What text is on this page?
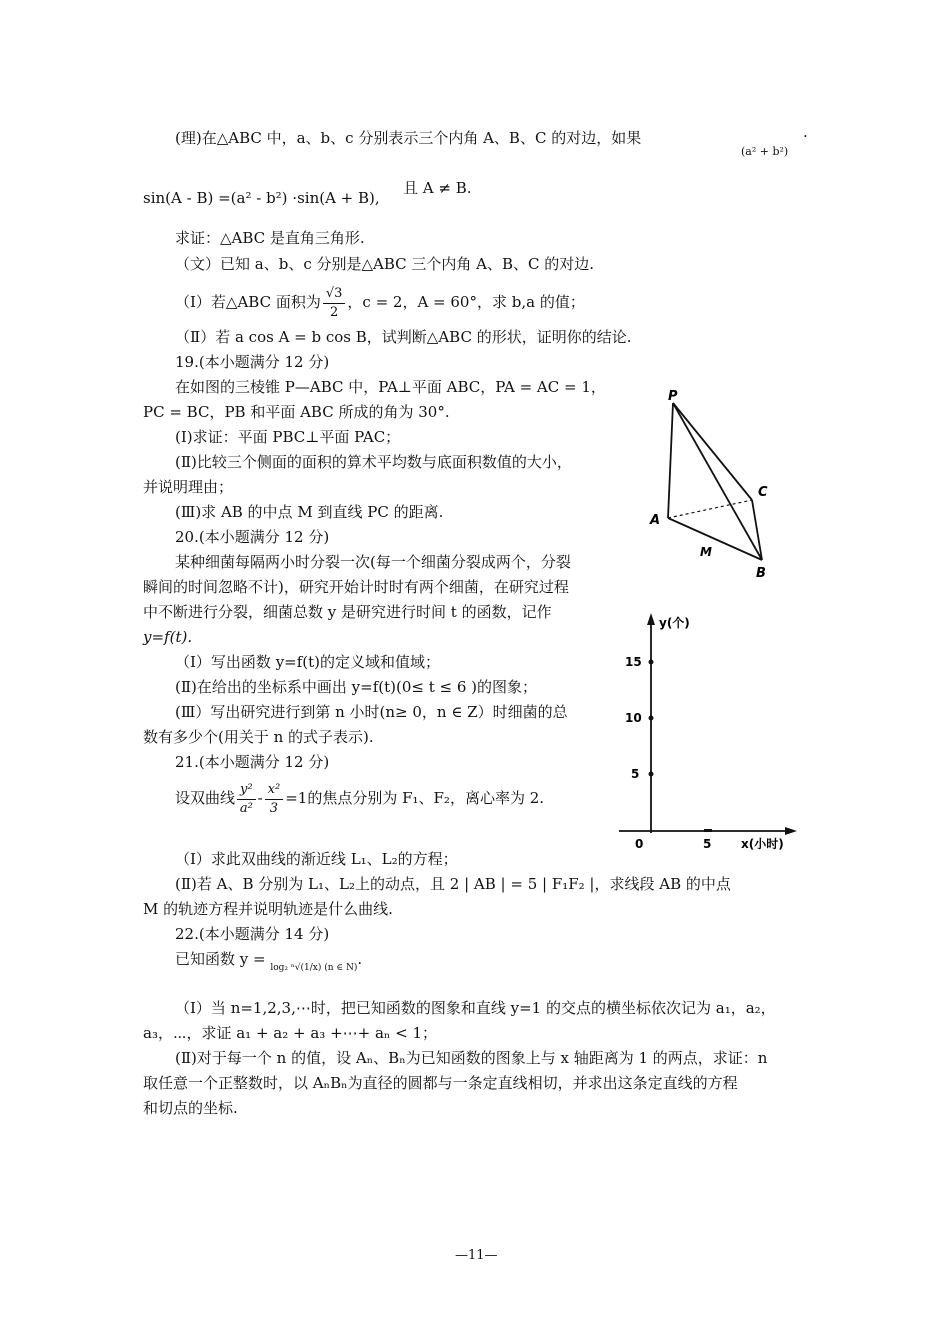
(理)在△ABC 中，a、b、c 分别表示三个内角 A、B、C 的对边，如果
(a² + b²)
·
sin(A - B) =(a² - b²) ·sin(A + B),
且 A ≠ B.
求证：△ABC 是直角三角形.
（文）已知 a、b、c 分别是△ABC 三个内角 A、B、C 的对边.
（Ⅰ）若△ABC 面积为 $\frac{√3}{2}$ ，c = 2，A = 60°，求 b,a 的值；
（Ⅱ）若 a cos A = b cos B，试判断△ABC 的形状，证明你的结论.
19.(本小题满分 12 分)
在如图的三棱锥 P—ABC 中，PA⊥平面 ABC，PA = AC = 1，
PC = BC，PB 和平面 ABC 所成的角为 30°.
(Ⅰ)求证：平面 PBC⊥平面 PAC；
(Ⅱ)比较三个侧面的面积的算术平均数与底面积数值的大小，
并说明理由；
(Ⅲ)求 AB 的中点 M 到直线 PC 的距离.
P
A
C
B
M
20.(本小题满分 12 分)
某种细菌每隔两小时分裂一次(每一个细菌分裂成两个，分裂
瞬间的时间忽略不计)，研究开始计时时有两个细菌，在研究过程
中不断进行分裂，细菌总数 y 是研究进行时间 t 的函数，记作
y=f(t).
（Ⅰ）写出函数 y=f(t)的定义域和值域；
(Ⅱ)在给出的坐标系中画出 y=f(t)(0≤ t ≤ 6 )的图象；
(Ⅲ）写出研究进行到第 n 小时(n≥ 0，n ∈ Z）时细菌的总
数有多少个(用关于 n 的式子表示).
y(个)
15
10
5
0	5 x(小时)
21.(本小题满分 12 分)
设双曲线 $\frac{\text{y²}}{\text{a²}} - \frac{\text{x²}}{3} =1$的焦点分别为 F₁、F₂，离心率为 2.
（Ⅰ）求此双曲线的渐近线 L₁、L₂的方程；
(Ⅱ)若 A、B 分别为 L₁、L₂上的动点，且 2 | AB | = 5 | F₁F₂ |，求线段 AB 的中点
M 的轨迹方程并说明轨迹是什么曲线.
22.(本小题满分 14 分)
已知函数 y = $_{log_2 ^n√(1/x) (n \in N)}$.
（Ⅰ）当 n=1,2,3,⋯时，把已知函数的图象和直线 y=1 的交点的横坐标依次记为 a₁，a₂，
a₃，⋯，求证 a₁ + a₂ + a₃ +⋯+ aₙ < 1；
(Ⅱ)对于每一个 n 的值，设 Aₙ、Bₙ为已知函数的图象上与 x 轴距离为 1 的两点，求证：n
取任意一个正整数时，以 AₙBₙ为直径的圆都与一条定直线相切，并求出这条定直线的方程
和切点的坐标.
—11—
